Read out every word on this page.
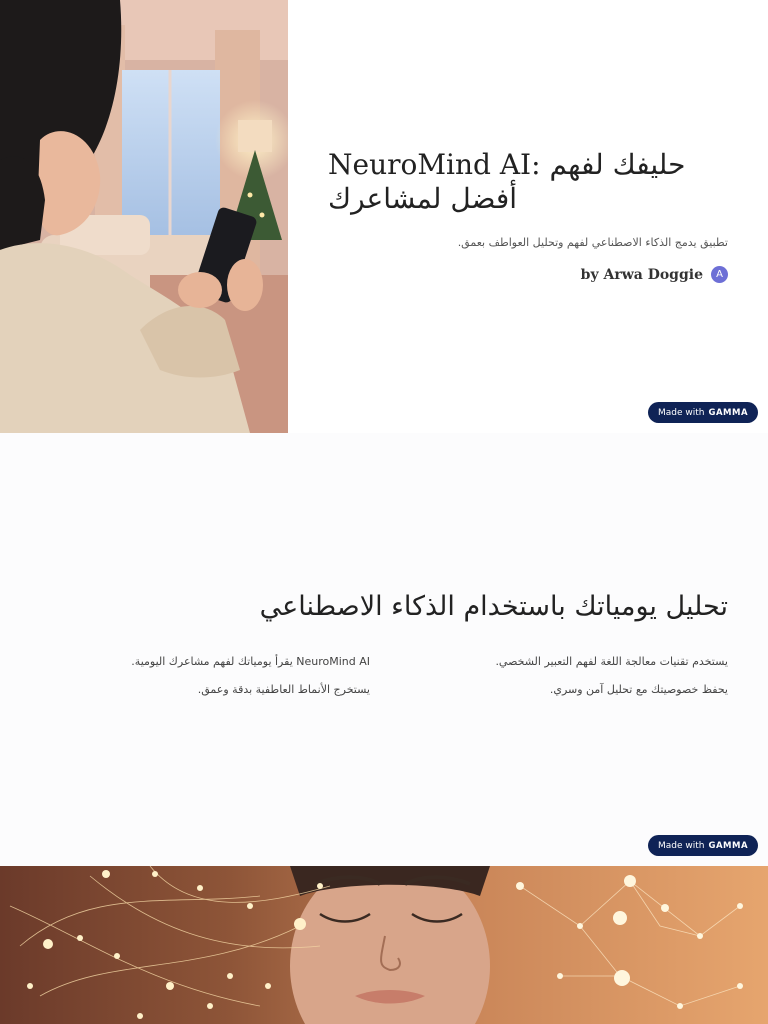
NeuroMind AI: حليفك لفهم
أفضل لمشاعرك
تطبيق يدمج الذكاء الاصطناعي لفهم وتحليل العواطف بعمق.
by Arwa Doggie	A
Made with GAMMA
تحليل يومياتك باستخدام الذكاء الاصطناعي

يستخدم تقنيات معالجة اللغة لفهم التعبير الشخصي.

يحفظ خصوصيتك مع تحليل آمن وسري.

NeuroMind AI يقرأ يومياتك لفهم مشاعرك اليومية.

يستخرج الأنماط العاطفية بدقة وعمق.

Made with GAMMA
